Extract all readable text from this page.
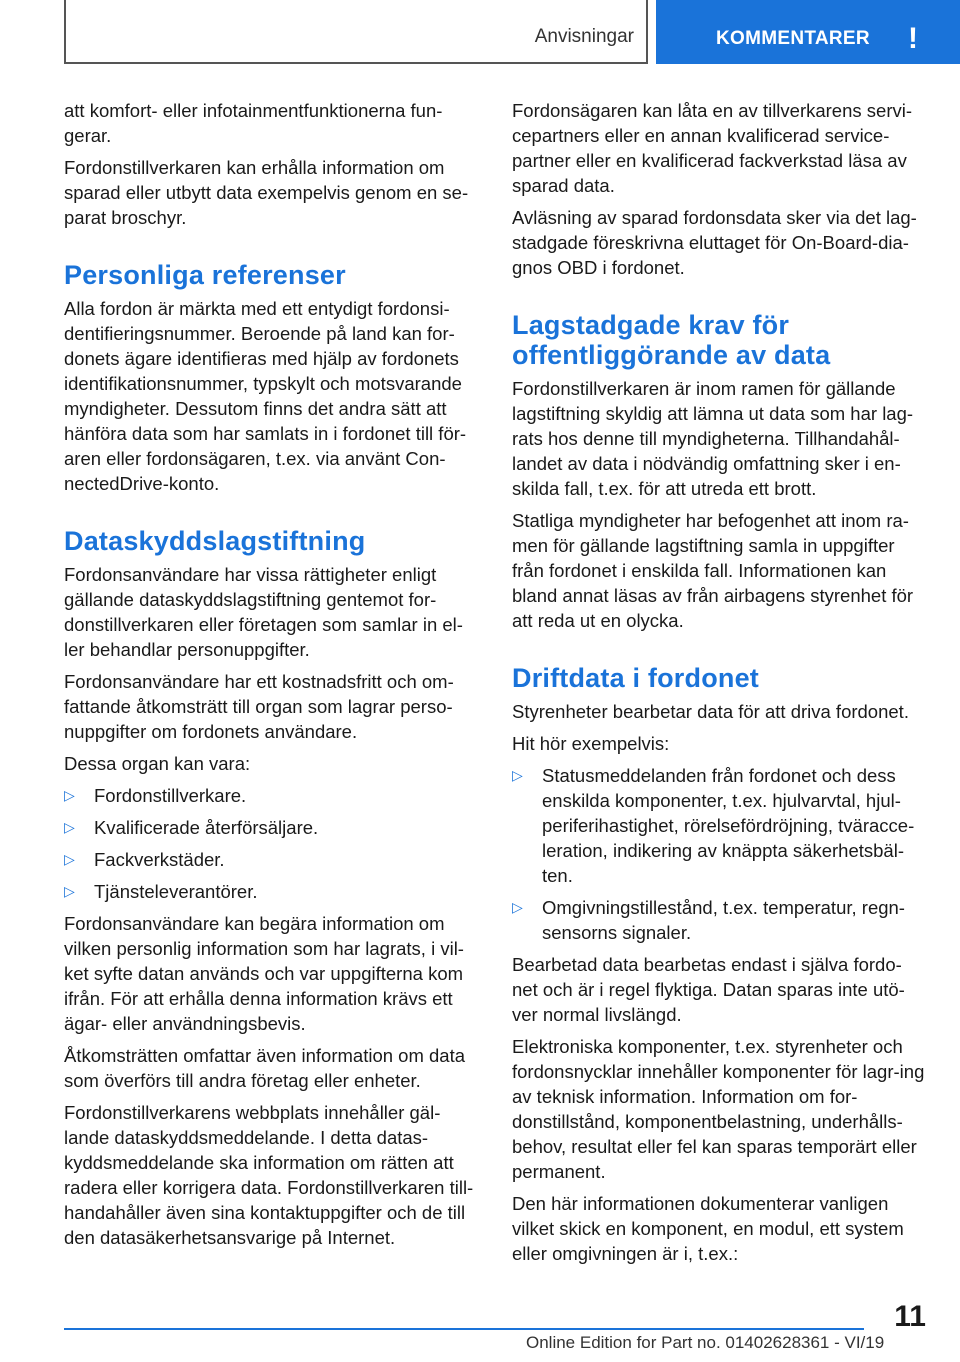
Anvisningar	KOMMENTARER !

att komfort- eller infotainmentfunktionerna fun-gerar.

Fordonstillverkaren kan erhålla information om sparad eller utbytt data exempelvis genom en se-parat broschyr.

Personliga referenser

Alla fordon är märkta med ett entydigt fordonsi-dentifieringsnummer. Beroende på land kan for-donets ägare identifieras med hjälp av fordonets identifikationsnummer, typskylt och motsvarande myndigheter. Dessutom finns det andra sätt att hänföra data som har samlats in i fordonet till för-aren eller fordonsägaren, t.ex. via använt Con-nectedDrive-konto.

Dataskyddslagstiftning

Fordonsanvändare har vissa rättigheter enligt gällande dataskyddslagstiftning gentemot for-donstillverkaren eller företagen som samlar in el-ler behandlar personuppgifter.

Fordonsanvändare har ett kostnadsfritt och om-fattande åtkomsträtt till organ som lagrar perso-nuppgifter om fordonets användare.

Dessa organ kan vara:

▷ Fordonstillverkare.
▷ Kvalificerade återförsäljare.
▷ Fackverkstäder.
▷ Tjänsteleverantörer.

Fordonsanvändare kan begära information om vilken personlig information som har lagrats, i vil-ket syfte datan används och var uppgifterna kom ifrån. För att erhålla denna information krävs ett ägar- eller användningsbevis.

Åtkomsträtten omfattar även information om data som överförs till andra företag eller enheter.

Fordonstillverkarens webbplats innehåller gäl-lande dataskyddsmeddelande. I detta datas-kyddsmeddelande ska information om rätten att radera eller korrigera data. Fordonstillverkaren till-handahåller även sina kontaktuppgifter och de till den datasäkerhetsansvarige på Internet.

Fordonsägaren kan låta en av tillverkarens servi-cepartners eller en annan kvalificerad service-partner eller en kvalificerad fackverkstad läsa av sparad data.

Avläsning av sparad fordonsdata sker via det lag-stadgade föreskrivna eluttaget för On-Board-dia-gnos OBD i fordonet.

Lagstadgade krav för offentliggörande av data

Fordonstillverkaren är inom ramen för gällande lagstiftning skyldig att lämna ut data som har lag-rats hos denne till myndigheterna. Tillhandahål-landet av data i nödvändig omfattning sker i en-skilda fall, t.ex. för att utreda ett brott.

Statliga myndigheter har befogenhet att inom ra-men för gällande lagstiftning samla in uppgifter från fordonet i enskilda fall. Informationen kan bland annat läsas av från airbagens styrenhet för att reda ut en olycka.

Driftdata i fordonet

Styrenheter bearbetar data för att driva fordonet.

Hit hör exempelvis:

▷ Statusmeddelanden från fordonet och dess enskilda komponenter, t.ex. hjulvarvtal, hjul-periferihastighet, rörelsefördröjning, tväracce-leration, indikering av knäppta säkerhetsbäl-ten.
▷ Omgivningstillestånd, t.ex. temperatur, regn-sensorns signaler.

Bearbetad data bearbetas endast i själva fordo-net och är i regel flyktiga. Datan sparas inte utö-ver normal livslängd.

Elektroniska komponenter, t.ex. styrenheter och fordonsnycklar innehåller komponenter för lagr-ing av teknisk information. Information om for-donstillstånd, komponentbelastning, underhålls-behov, resultat eller fel kan sparas temporärt eller permanent.

Den här informationen dokumenterar vanligen vilket skick en komponent, en modul, ett system eller omgivningen är i, t.ex.:

11
Online Edition for Part no. 01402628361 - VI/19
